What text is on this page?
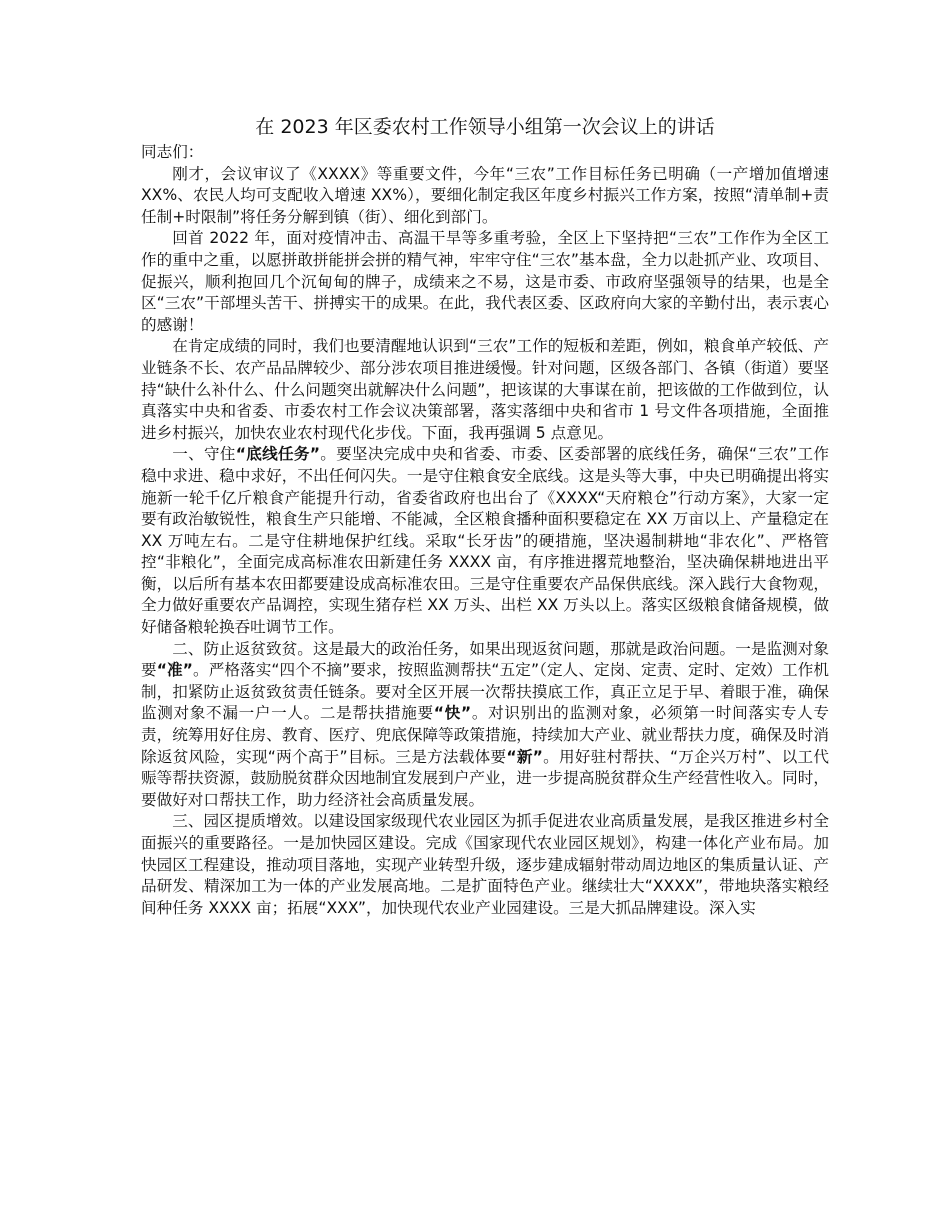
在 2023 年区委农村工作领导小组第一次会议上的讲话

同志们：

刚才，会议审议了《XXXX》等重要文件，今年“三农”工作目标任务已明确（一产增加值增速 XX%、农民人均可支配收入增速 XX%），要细化制定我区年度乡村振兴工作方案，按照“清单制+责任制+时限制”将任务分解到镇（街）、细化到部门。

回首 2022 年，面对疫情冲击、高温干旱等多重考验，全区上下坚持把“三农”工作作为全区工作的重中之重，以愿拼敢拼能拼会拼的精气神，牢牢守住“三农”基本盘，全力以赴抓产业、攻项目、促振兴，顺利抱回几个沉甸甸的牌子，成绩来之不易，这是市委、市政府坚强领导的结果，也是全区“三农”干部埋头苦干、拼搏实干的成果。在此，我代表区委、区政府向大家的辛勤付出，表示衷心的感谢！

在肯定成绩的同时，我们也要清醒地认识到“三农”工作的短板和差距，例如，粮食单产较低、产业链条不长、农产品品牌较少、部分涉农项目推进缓慢。针对问题，区级各部门、各镇（街道）要坚持“缺什么补什么、什么问题突出就解决什么问题”，把该谋的大事谋在前，把该做的工作做到位，认真落实中央和省委、市委农村工作会议决策部署，落实落细中央和省市 1 号文件各项措施，全面推进乡村振兴，加快农业农村现代化步伐。下面，我再强调 5 点意见。

一、守住“底线任务”。要坚决完成中央和省委、市委、区委部署的底线任务，确保“三农”工作稳中求进、稳中求好，不出任何闪失。一是守住粮食安全底线。这是头等大事，中央已明确提出将实施新一轮千亿斤粮食产能提升行动，省委省政府也出台了《XXXX“天府粮仓”行动方案》，大家一定要有政治敏锐性，粮食生产只能增、不能减，全区粮食播种面积要稳定在 XX 万亩以上、产量稳定在 XX 万吨左右。二是守住耕地保护红线。采取“长牙齿”的硬措施，坚决遏制耕地“非农化”、严格管控“非粮化”，全面完成高标准农田新建任务 XXXX 亩，有序推进撂荒地整治，坚决确保耕地进出平衡，以后所有基本农田都要建设成高标准农田。三是守住重要农产品保供底线。深入践行大食物观，全力做好重要农产品调控，实现生猪存栏 XX 万头、出栏 XX 万头以上。落实区级粮食储备规模，做好储备粮轮换吞吐调节工作。

二、防止返贫致贫。这是最大的政治任务，如果出现返贫问题，那就是政治问题。一是监测对象要“准”。严格落实“四个不摘”要求，按照监测帮扶“五定”（定人、定岗、定责、定时、定效）工作机制，扣紧防止返贫致贫责任链条。要对全区开展一次帮扶摸底工作，真正立足于早、着眼于准，确保监测对象不漏一户一人。二是帮扶措施要“快”。对识别出的监测对象，必须第一时间落实专人专责，统筹用好住房、教育、医疗、兜底保障等政策措施，持续加大产业、就业帮扶力度，确保及时消除返贫风险，实现“两个高于”目标。三是方法载体要“新”。用好驻村帮扶、“万企兴万村”、以工代赈等帮扶资源，鼓励脱贫群众因地制宜发展到户产业，进一步提高脱贫群众生产经营性收入。同时，要做好对口帮扶工作，助力经济社会高质量发展。

三、园区提质增效。以建设国家级现代农业园区为抓手促进农业高质量发展，是我区推进乡村全面振兴的重要路径。一是加快园区建设。完成《国家现代农业园区规划》，构建一体化产业布局。加快园区工程建设，推动项目落地，实现产业转型升级，逐步建成辐射带动周边地区的集质量认证、产品研发、精深加工为一体的产业发展高地。二是扩面特色产业。继续壮大“XXXX”，带地块落实粮经间种任务 XXXX 亩；拓展“XXX”，加快现代农业产业园建设。三是大抓品牌建设。深入实
